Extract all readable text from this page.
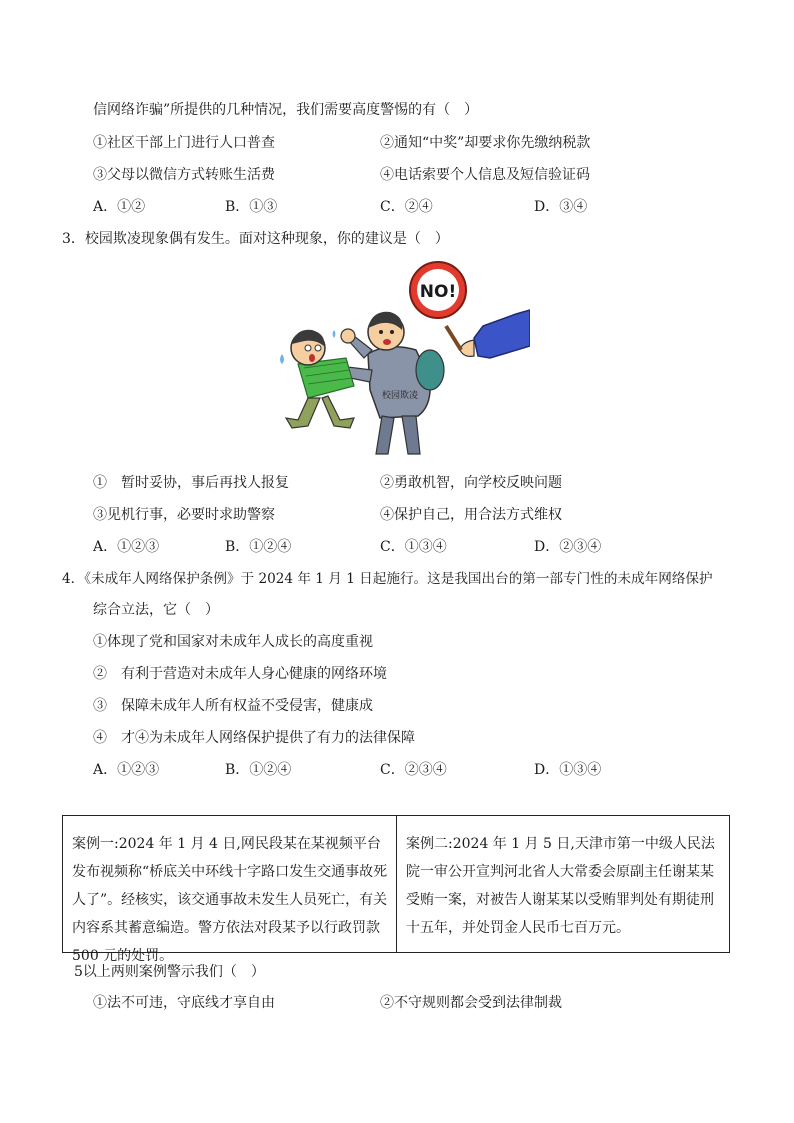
信网络诈骗”所提供的几种情况，我们需要高度警惕的有（　）
①社区干部上门进行人口普查	②通知“中奖”却要求你先缴纳税款
③父母以微信方式转账生活费	④电话索要个人信息及短信验证码
A．①②	B．①③	C．②④	D．③④
3．校园欺凌现象偶有发生。面对这种现象，你的建议是（　）
NO!
校园欺凌
①　暂时妥协，事后再找人报复	②勇敢机智，向学校反映问题
③见机行事，必要时求助警察	④保护自己，用合法方式维权
A．①②③	B．①②④	C．①③④	D．②③④
4．《未成年人网络保护条例》于 2024 年 1 月 1 日起施行。这是我国出台的第一部专门性的未成年网络保护
综合立法，它（　）
①体现了党和国家对未成年人成长的高度重视
②　有利于营造对未成年人身心健康的网络环境
③　保障未成年人所有权益不受侵害，健康成
④　才④为未成年人网络保护提供了有力的法律保障
A．①②③	B．①②④	C．②③④	D．①③④
案例一:2024 年 1 月 4 日,网民段某在某视频平台发布视频称“桥底关中环线十字路口发生交通事故死人了”。经核实，该交通事故未发生人员死亡，有关内容系其蓄意编造。警方依法对段某予以行政罚款 500 元的处罚。
案例二:2024 年 1 月 5 日,天津市第一中级人民法院一审公开宣判河北省人大常委会原副主任谢某某受贿一案，对被告人谢某某以受贿罪判处有期徒刑十五年，并处罚金人民币七百万元。
5以上两则案例警示我们（　）
①法不可违，守底线才享自由	②不守规则都会受到法律制裁
